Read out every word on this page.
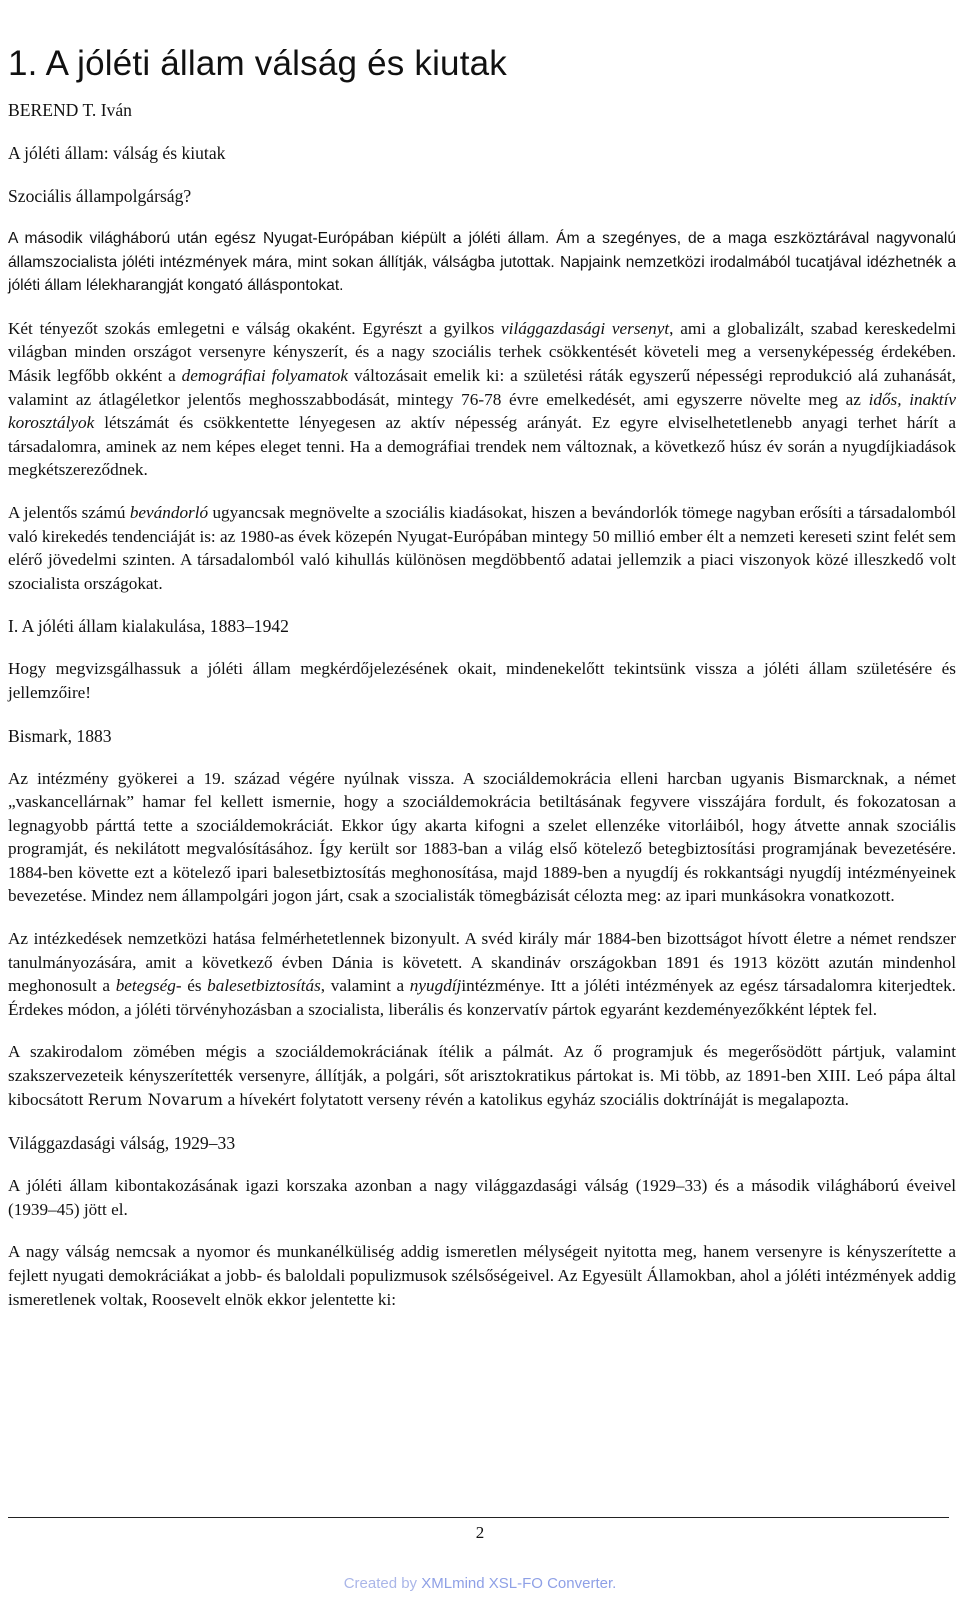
1. A jóléti állam válság és kiutak
BEREND T. Iván
A jóléti állam: válság és kiutak
Szociális állampolgárság?
A második világháború után egész Nyugat-Európában kiépült a jóléti állam. Ám a szegényes, de a maga eszköztárával nagyvonalú államszocialista jóléti intézmények mára, mint sokan állítják, válságba jutottak. Napjaink nemzetközi irodalmából tucatjával idézhetnék a jóléti állam lélekharangját kongató álláspontokat.
Két tényezőt szokás emlegetni e válság okaként. Egyrészt a gyilkos világgazdasági versenyt, ami a globalizált, szabad kereskedelmi világban minden országot versenyre kényszerít, és a nagy szociális terhek csökkentését követeli meg a versenyképesség érdekében. Másik legfőbb okként a demográfiai folyamatok változásait emelik ki: a születési ráták egyszerű népességi reprodukció alá zuhanását, valamint az átlagéletkor jelentős meghosszabbodását, mintegy 76-78 évre emelkedését, ami egyszerre növelte meg az idős, inaktív korosztályok létszámát és csökkentette lényegesen az aktív népesség arányát. Ez egyre elviselhetetlenebb anyagi terhet hárít a társadalomra, aminek az nem képes eleget tenni. Ha a demográfiai trendek nem változnak, a következő húsz év során a nyugdíjkiadások megkétszereződnek.
A jelentős számú bevándorló ugyancsak megnövelte a szociális kiadásokat, hiszen a bevándorlók tömege nagyban erősíti a társadalomból való kirekedés tendenciáját is: az 1980-as évek közepén Nyugat-Európában mintegy 50 millió ember élt a nemzeti kereseti szint felét sem elérő jövedelmi szinten. A társadalomból való kihullás különösen megdöbbentő adatai jellemzik a piaci viszonyok közé illeszkedő volt szocialista országokat.
I. A jóléti állam kialakulása, 1883–1942
Hogy megvizsgálhassuk a jóléti állam megkérdőjelezésének okait, mindenekelőtt tekintsünk vissza a jóléti állam születésére és jellemzőire!
Bismark, 1883
Az intézmény gyökerei a 19. század végére nyúlnak vissza. A szociáldemokrácia elleni harcban ugyanis Bismarcknak, a német „vaskancellárnak” hamar fel kellett ismernie, hogy a szociáldemokrácia betiltásának fegyvere visszájára fordult, és fokozatosan a legnagyobb párttá tette a szociáldemokráciát. Ekkor úgy akarta kifogni a szelet ellenzéke vitorláiból, hogy átvette annak szociális programját, és nekilátott megvalósításához. Így került sor 1883-ban a világ első kötelező betegbiztosítási programjának bevezetésére. 1884-ben követte ezt a kötelező ipari balesetbiztosítás meghonosítása, majd 1889-ben a nyugdíj és rokkantsági nyugdíj intézményeinek bevezetése. Mindez nem állampolgári jogon járt, csak a szocialisták tömegbázisát célozta meg: az ipari munkásokra vonatkozott.
Az intézkedések nemzetközi hatása felmérhetetlennek bizonyult. A svéd király már 1884-ben bizottságot hívott életre a német rendszer tanulmányozására, amit a következő évben Dánia is követett. A skandináv országokban 1891 és 1913 között azután mindenhol meghonosult a betegség- és balesetbiztosítás, valamint a nyugdíjintézménye. Itt a jóléti intézmények az egész társadalomra kiterjedtek. Érdekes módon, a jóléti törvényhozásban a szocialista, liberális és konzervatív pártok egyaránt kezdeményezőkként léptek fel.
A szakirodalom zömében mégis a szociáldemokráciának ítélik a pálmát. Az ő programjuk és megerősödött pártjuk, valamint szakszervezeteik kényszerítették versenyre, állítják, a polgári, sőt arisztokratikus pártokat is. Mi több, az 1891-ben XIII. Leó pápa által kibocsátott Rerum Novarum a hívekért folytatott verseny révén a katolikus egyház szociális doktrínáját is megalapozta.
Világgazdasági válság, 1929–33
A jóléti állam kibontakozásának igazi korszaka azonban a nagy világgazdasági válság (1929–33) és a második világháború éveivel (1939–45) jött el.
A nagy válság nemcsak a nyomor és munkanélküliség addig ismeretlen mélységeit nyitotta meg, hanem versenyre is kényszerítette a fejlett nyugati demokráciákat a jobb- és baloldali populizmusok szélsőségeivel. Az Egyesült Államokban, ahol a jóléti intézmények addig ismeretlenek voltak, Roosevelt elnök ekkor jelentette ki:
2
Created by XMLmind XSL-FO Converter.
